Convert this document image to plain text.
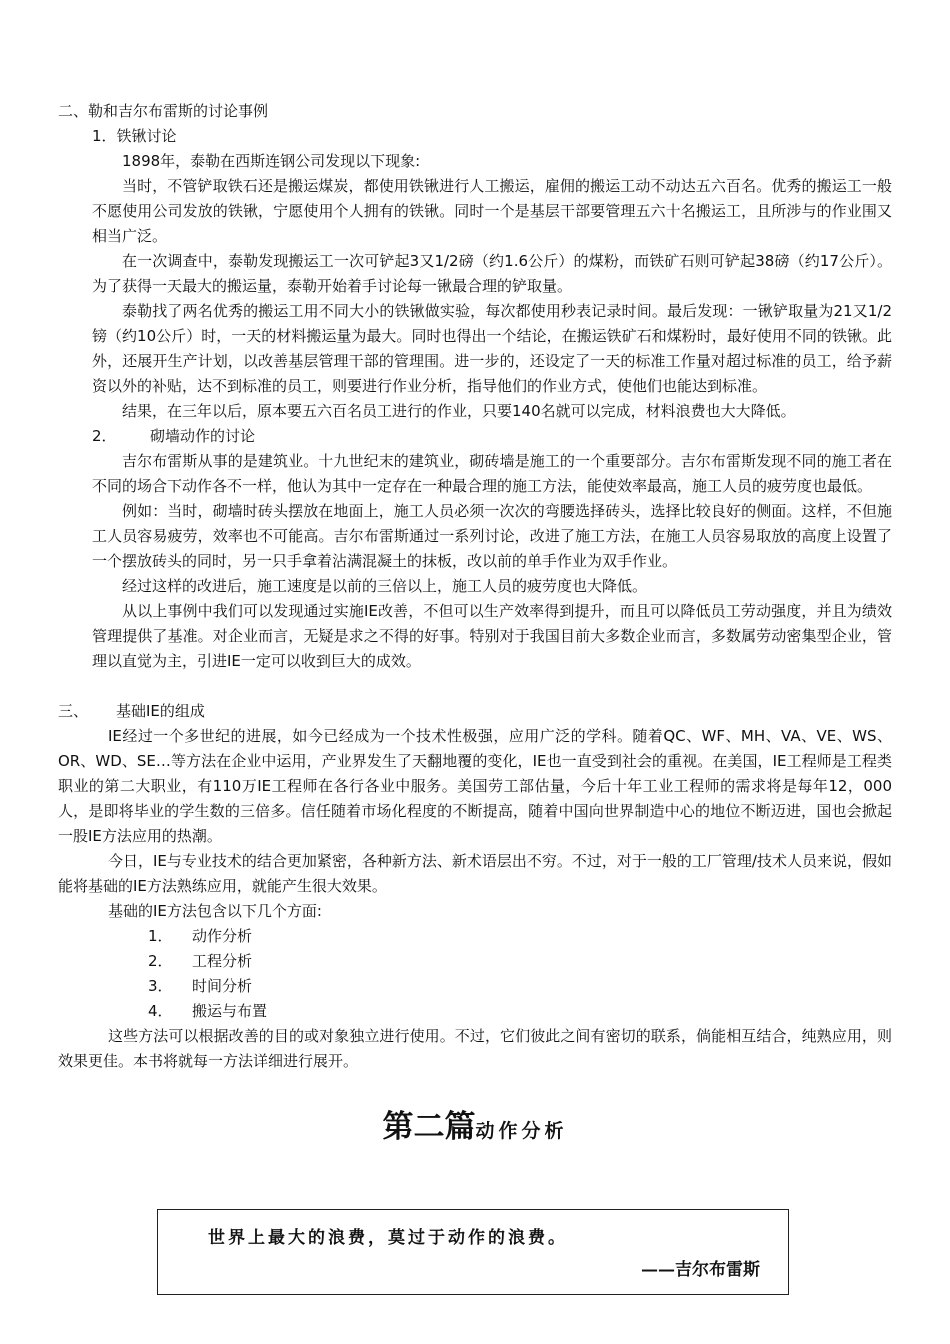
二、勒和吉尔布雷斯的讨论事例

1．铁锹讨论

1898年，泰勒在西斯连钢公司发现以下现象:

当时，不管铲取铁石还是搬运煤炭，都使用铁锹进行人工搬运，雇佣的搬运工动不动达五六百名。优秀的搬运工一般不愿使用公司发放的铁锹，宁愿使用个人拥有的铁锹。同时一个是基层干部要管理五六十名搬运工，且所涉与的作业围又相当广泛。

在一次调查中，泰勒发现搬运工一次可铲起3又1/2磅（约1.6公斤）的煤粉，而铁矿石则可铲起38磅（约17公斤）。为了获得一天最大的搬运量，泰勒开始着手讨论每一锹最合理的铲取量。

泰勒找了两名优秀的搬运工用不同大小的铁锹做实验，每次都使用秒表记录时间。最后发现：一锹铲取量为21又1/2镑（约10公斤）时，一天的材料搬运量为最大。同时也得出一个结论，在搬运铁矿石和煤粉时，最好使用不同的铁锹。此外，还展开生产计划，以改善基层管理干部的管理围。进一步的，还设定了一天的标准工作量对超过标准的员工，给予薪资以外的补贴，达不到标准的员工，则要进行作业分析，指导他们的作业方式，使他们也能达到标准。

结果，在三年以后，原本要五六百名员工进行的作业，只要140名就可以完成，材料浪费也大大降低。

2． 砌墙动作的讨论

吉尔布雷斯从事的是建筑业。十九世纪末的建筑业，砌砖墙是施工的一个重要部分。吉尔布雷斯发现不同的施工者在不同的场合下动作各不一样，他认为其中一定存在一种最合理的施工方法，能使效率最高，施工人员的疲劳度也最低。

例如：当时，砌墙时砖头摆放在地面上，施工人员必须一次次的弯腰选择砖头，选择比较良好的侧面。这样，不但施工人员容易疲劳，效率也不可能高。吉尔布雷斯通过一系列讨论，改进了施工方法，在施工人员容易取放的高度上设置了一个摆放砖头的同时，另一只手拿着沾满混凝土的抹板，改以前的单手作业为双手作业。

经过这样的改进后，施工速度是以前的三倍以上，施工人员的疲劳度也大降低。

从以上事例中我们可以发现通过实施IE改善，不但可以生产效率得到提升，而且可以降低员工劳动强度，并且为绩效管理提供了基准。对企业而言，无疑是求之不得的好事。特别对于我国目前大多数企业而言，多数属劳动密集型企业，管理以直觉为主，引进IE一定可以收到巨大的成效。

三、 基础IE的组成

IE经过一个多世纪的进展，如今已经成为一个技术性极强，应用广泛的学科。随着QC、WF、MH、VA、VE、WS、OR、WD、SE…等方法在企业中运用，产业界发生了天翻地覆的变化，IE也一直受到社会的重视。在美国，IE工程师是工程类职业的第二大职业，有110万IE工程师在各行各业中服务。美国劳工部估量，今后十年工业工程师的需求将是每年12，000人，是即将毕业的学生数的三倍多。信任随着市场化程度的不断提高，随着中国向世界制造中心的地位不断迈进，国也会掀起一股IE方法应用的热潮。

今日，IE与专业技术的结合更加紧密，各种新方法、新术语层出不穷。不过，对于一般的工厂管理/技术人员来说，假如能将基础的IE方法熟练应用，就能产生很大效果。

基础的IE方法包含以下几个方面:

1． 动作分析
2． 工程分析
3． 时间分析
4． 搬运与布置

这些方法可以根据改善的目的或对象独立进行使用。不过，它们彼此之间有密切的联系，倘能相互结合，纯熟应用，则效果更佳。本书将就每一方法详细进行展开。

第二篇动作分析

世界上最大的浪费，莫过于动作的浪费。
——吉尔布雷斯
